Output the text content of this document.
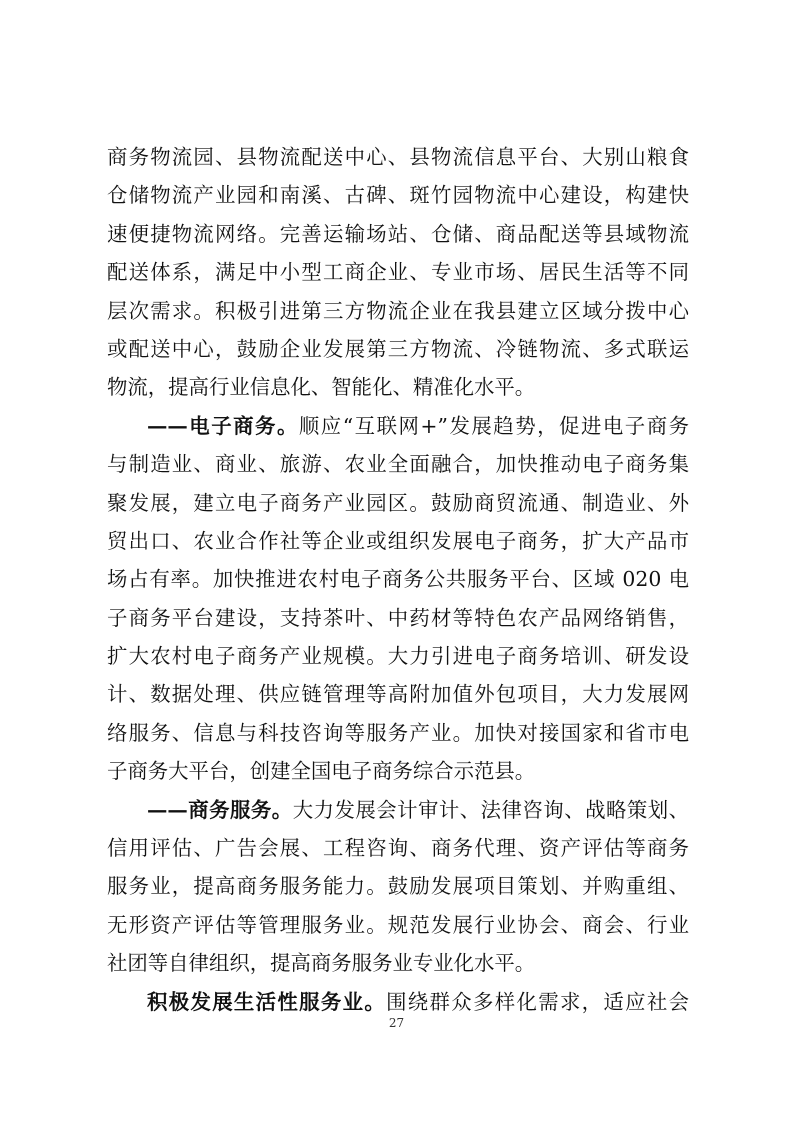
商务物流园、县物流配送中心、县物流信息平台、大别山粮食
仓储物流产业园和南溪、古碑、斑竹园物流中心建设，构建快
速便捷物流网络。完善运输场站、仓储、商品配送等县域物流
配送体系，满足中小型工商企业、专业市场、居民生活等不同
层次需求。积极引进第三方物流企业在我县建立区域分拨中心
或配送中心，鼓励企业发展第三方物流、冷链物流、多式联运
物流，提高行业信息化、智能化、精准化水平。
——电子商务。顺应“互联网+”发展趋势，促进电子商务
与制造业、商业、旅游、农业全面融合，加快推动电子商务集
聚发展，建立电子商务产业园区。鼓励商贸流通、制造业、外
贸出口、农业合作社等企业或组织发展电子商务，扩大产品市
场占有率。加快推进农村电子商务公共服务平台、区域 020 电
子商务平台建设，支持茶叶、中药材等特色农产品网络销售，
扩大农村电子商务产业规模。大力引进电子商务培训、研发设
计、数据处理、供应链管理等高附加值外包项目，大力发展网
络服务、信息与科技咨询等服务产业。加快对接国家和省市电
子商务大平台，创建全国电子商务综合示范县。
——商务服务。大力发展会计审计、法律咨询、战略策划、
信用评估、广告会展、工程咨询、商务代理、资产评估等商务
服务业，提高商务服务能力。鼓励发展项目策划、并购重组、
无形资产评估等管理服务业。规范发展行业协会、商会、行业
社团等自律组织，提高商务服务业专业化水平。
积极发展生活性服务业。围绕群众多样化需求，适应社会
27
